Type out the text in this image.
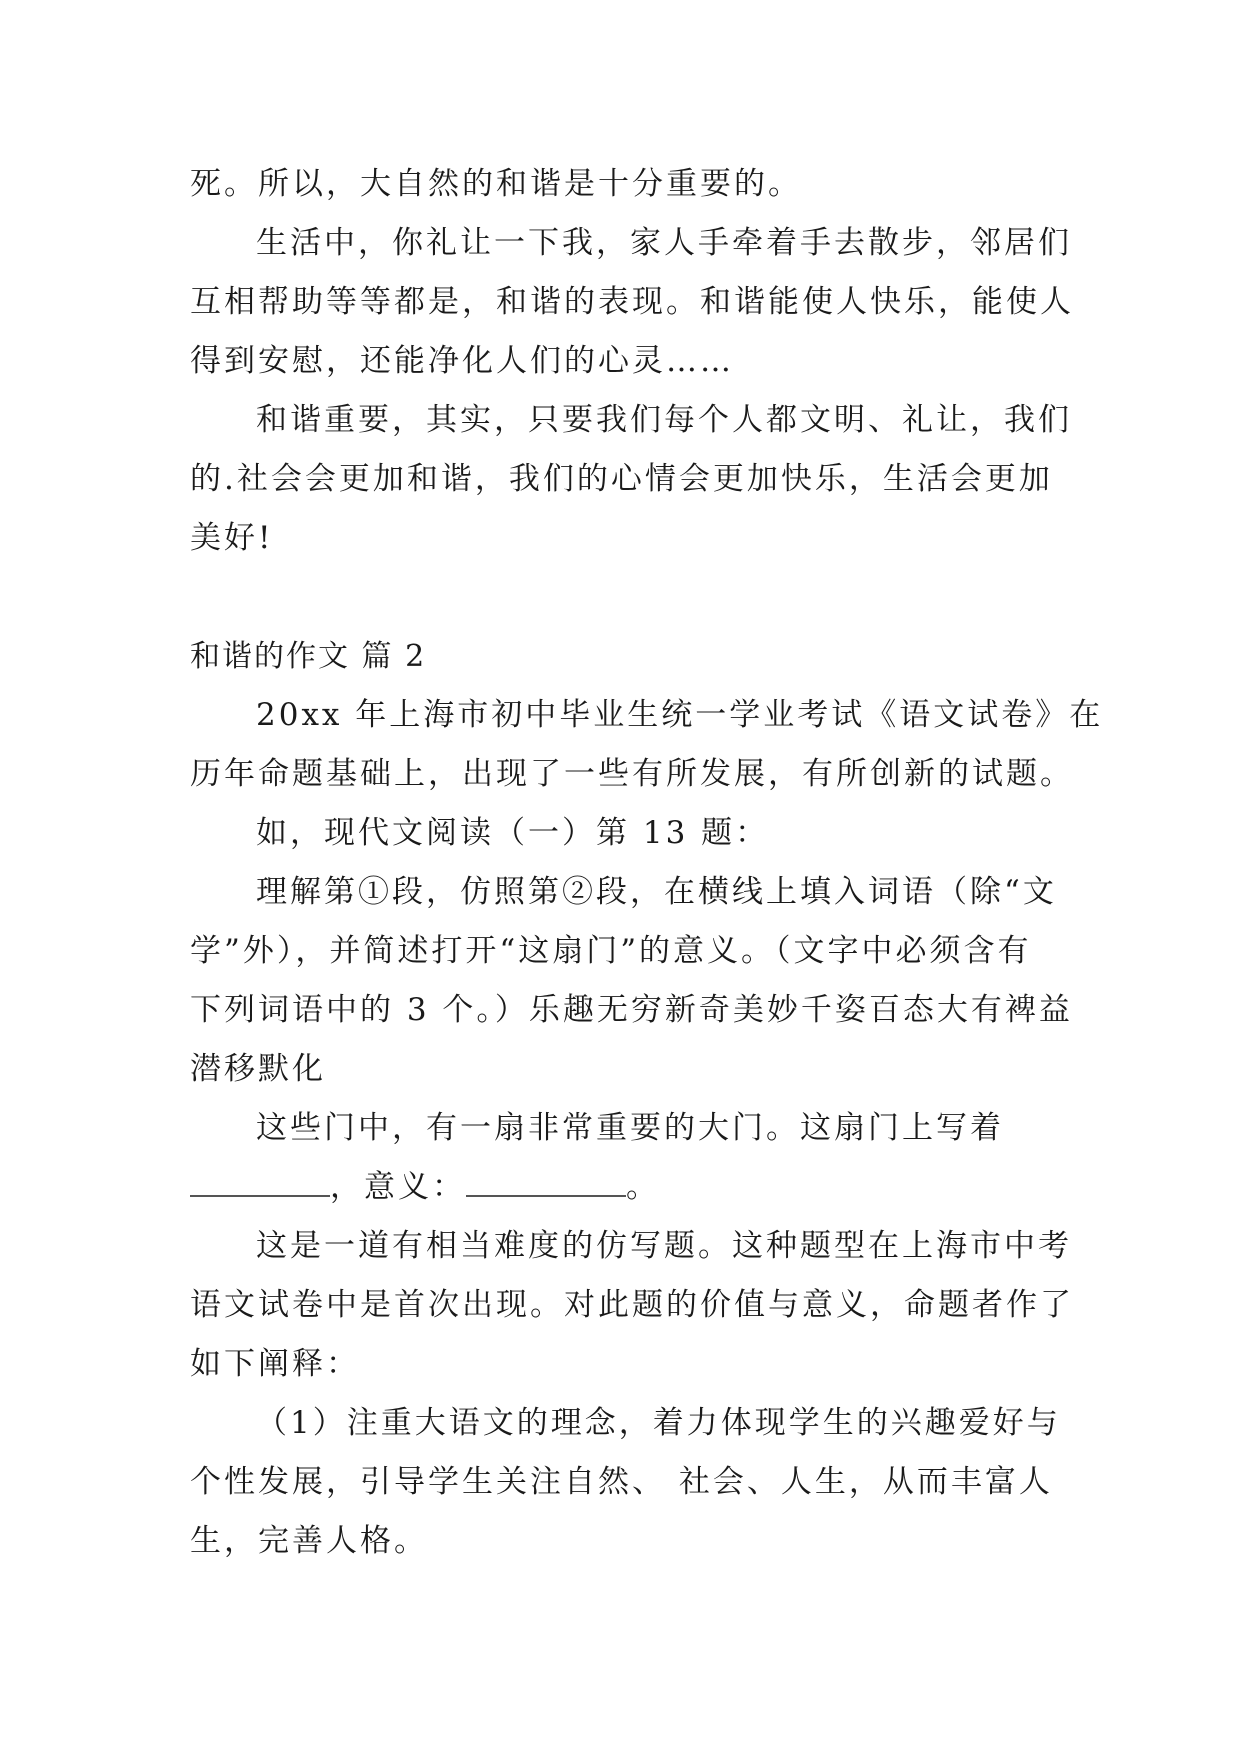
死。所以，大自然的和谐是十分重要的。

生活中，你礼让一下我，家人手牵着手去散步，邻居们

互相帮助等等都是，和谐的表现。和谐能使人快乐，能使人

得到安慰，还能净化人们的心灵……

和谐重要，其实，只要我们每个人都文明、礼让，我们

的.社会会更加和谐，我们的心情会更加快乐，生活会更加

美好!

和谐的作文 篇 2

20xx 年上海市初中毕业生统一学业考试《语文试卷》在

历年命题基础上，出现了一些有所发展，有所创新的试题。

如，现代文阅读（一）第 13 题：

理解第①段，仿照第②段，在横线上填入词语（除“文

学”外），并简述打开“这扇门”的意义。（文字中必须含有

下列词语中的 3 个。）乐趣无穷新奇美妙千姿百态大有裨益

潜移默化

这些门中，有一扇非常重要的大门。这扇门上写着

，意义：	。

这是一道有相当难度的仿写题。这种题型在上海市中考

语文试卷中是首次出现。对此题的价值与意义，命题者作了

如下阐释：

（1）注重大语文的理念，着力体现学生的兴趣爱好与

个性发展，引导学生关注自然、 社会、人生，从而丰富人

生，完善人格。
